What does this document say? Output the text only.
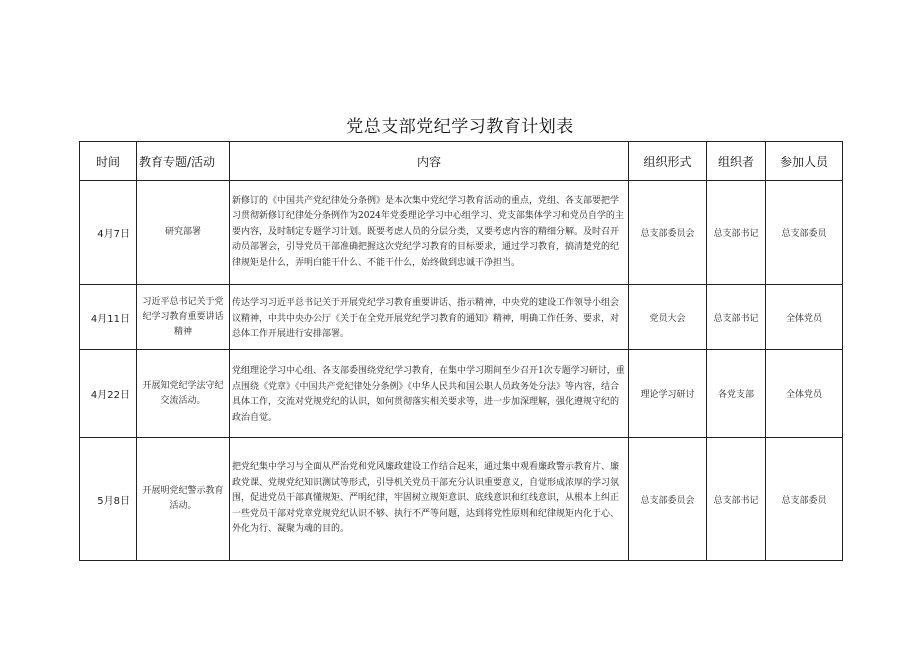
党总支部党纪学习教育计划表
时间	教育专题/活动	内容	组织形式	组织者	参加人员
4月7日	研究部署	新修订的《中国共产党纪律处分条例》是本次集中党纪学习教育活动的重点，党组、各支部要把学习贯彻新修订纪律处分条例作为2024年党委理论学习中心组学习、党支部集体学习和党员自学的主要内容，及时制定专题学习计划。既要考虑人员的分层分类，又要考虑内容的精细分解。及时召开动员部署会，引导党员干部准确把握这次党纪学习教育的目标要求，通过学习教育，搞清楚党的纪律规矩是什么，弄明白能干什么、不能干什么，始终做到忠诚干净担当。	总支部委员会	总支部书记	总支部委员
4月11日	习近平总书记关于党纪学习教育重要讲话精神	传达学习习近平总书记关于开展党纪学习教育重要讲话、指示精神，中央党的建设工作领导小组会议精神，中共中央办公厅《关于在全党开展党纪学习教育的通知》精神，明确工作任务、要求，对总体工作开展进行安排部署。	党员大会	总支部书记	全体党员
4月22日	开展知党纪学法守纪交流活动。	党组理论学习中心组、各支部委围绕党纪学习教育，在集中学习期间至少召开1次专题学习研讨，重点围绕《党章》《中国共产党纪律处分条例》《中华人民共和国公职人员政务处分法》等内容，结合具体工作，交流对党规党纪的认识，如何贯彻落实相关要求等，进一步加深理解，强化遵规守纪的政治自觉。	理论学习研讨	各党支部	全体党员
5月8日	开展明党纪警示教育活动。	把党纪集中学习与全面从严治党和党风廉政建设工作结合起来，通过集中观看廉政警示教育片、廉政党课、党规党纪知识测试等形式，引导机关党员干部充分认识重要意义，自觉形成浓厚的学习氛围，促进党员干部真懂规矩、严明纪律，牢固树立规矩意识、底线意识和红线意识，从根本上纠正一些党员干部对党章党规党纪认识不够、执行不严等问题，达到将党性原则和纪律规矩内化于心、外化为行、凝聚为魂的目的。	总支部委员会	总支部书记	总支部委员
